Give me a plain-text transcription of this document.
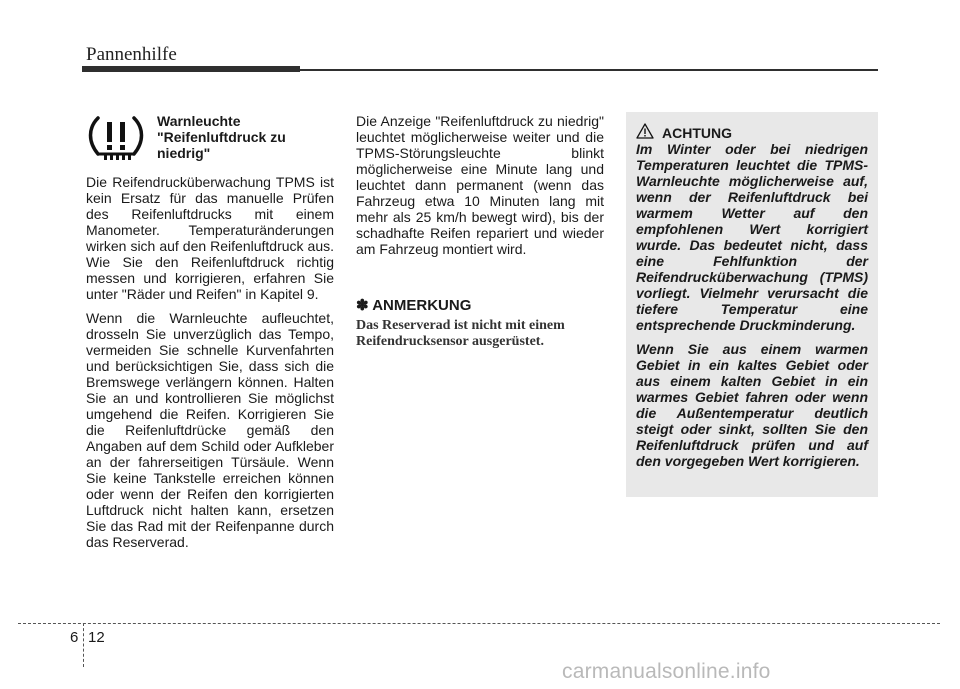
Pannenhilfe
Warnleuchte "Reifenluftdruck zu niedrig"

Die Reifendrucküberwachung TPMS ist kein Ersatz für das manuelle Prüfen des Reifenluftdrucks mit einem Manometer. Temperaturänderungen wirken sich auf den Reifenluftdruck aus. Wie Sie den Reifenluftdruck richtig messen und korrigieren, erfahren Sie unter "Räder und Reifen" in Kapitel 9.

Wenn die Warnleuchte aufleuchtet, drosseln Sie unverzüglich das Tempo, vermeiden Sie schnelle Kurvenfahrten und berücksichtigen Sie, dass sich die Bremswege verlängern können. Halten Sie an und kontrollieren Sie möglichst umgehend die Reifen. Korrigieren Sie die Reifenluftdrücke gemäß den Angaben auf dem Schild oder Aufkleber an der fahrerseitigen Türsäule. Wenn Sie keine Tankstelle erreichen können oder wenn der Reifen den korrigierten Luftdruck nicht halten kann, ersetzen Sie das Rad mit der Reifenpanne durch das Reserverad.

Die Anzeige "Reifenluftdruck zu niedrig" leuchtet möglicherweise weiter und die TPMS-Störungsleuchte blinkt möglicherweise eine Minute lang und leuchtet dann permanent (wenn das Fahrzeug etwa 10 Minuten lang mit mehr als 25 km/h bewegt wird), bis der schadhafte Reifen repariert und wieder am Fahrzeug montiert wird.

✽ ANMERKUNG
Das Reserverad ist nicht mit einem Reifendrucksensor ausgerüstet.
ACHTUNG

Im Winter oder bei niedrigen Temperaturen leuchtet die TPMS-Warnleuchte möglicherweise auf, wenn der Reifenluftdruck bei warmem Wetter auf den empfohlenen Wert korrigiert wurde. Das bedeutet nicht, dass eine Fehlfunktion der Reifendrucküberwachung (TPMS) vorliegt. Vielmehr verursacht die tiefere Temperatur eine entsprechende Druckminderung.

Wenn Sie aus einem warmen Gebiet in ein kaltes Gebiet oder aus einem kalten Gebiet in ein warmes Gebiet fahren oder wenn die Außentemperatur deutlich steigt oder sinkt, sollten Sie den Reifenluftdruck prüfen und auf den vorgegeben Wert korrigieren.

6 12
carmanualsonline.info
